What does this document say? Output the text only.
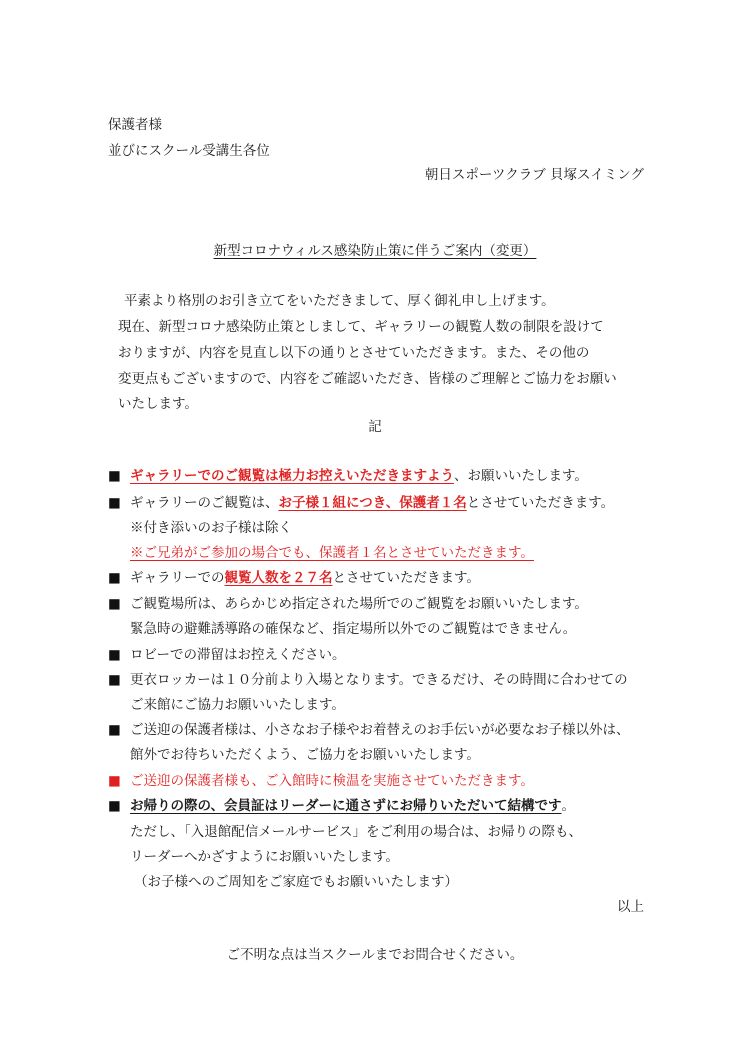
保護者様
並びにスクール受講生各位
朝日スポーツクラブ 貝塚スイミング
新型コロナウィルス感染防止策に伴うご案内（変更）
平素より格別のお引き立てをいただきまして、厚く御礼申し上げます。
現在、新型コロナ感染防止策としまして、ギャラリーの観覧人数の制限を設けて
おりますが、内容を見直し以下の通りとさせていただきます。また、その他の
変更点もございますので、内容をご確認いただき、皆様のご理解とご協力をお願い
いたします。
記
■ ギャラリーでのご観覧は極力お控えいただきますよう、お願いいたします。
■ ギャラリーのご観覧は、お子様１組につき、保護者１名とさせていただきます。
※付き添いのお子様は除く
※ご兄弟がご参加の場合でも、保護者１名とさせていただきます。
■ ギャラリーでの観覧人数を２７名とさせていただきます。
■ ご観覧場所は、あらかじめ指定された場所でのご観覧をお願いいたします。
緊急時の避難誘導路の確保など、指定場所以外でのご観覧はできません。
■ ロビーでの滞留はお控えください。
■ 更衣ロッカーは１０分前より入場となります。できるだけ、その時間に合わせての
ご来館にご協力お願いいたします。
■ ご送迎の保護者様は、小さなお子様やお着替えのお手伝いが必要なお子様以外は、
館外でお待ちいただくよう、ご協力をお願いいたします。
■ ご送迎の保護者様も、ご入館時に検温を実施させていただきます。
■ お帰りの際の、会員証はリーダーに通さずにお帰りいただいて結構です。
ただし、「入退館配信メールサービス」をご利用の場合は、お帰りの際も、
リーダーへかざすようにお願いいたします。
（お子様へのご周知をご家庭でもお願いいたします）
以上
ご不明な点は当スクールまでお問合せください。
